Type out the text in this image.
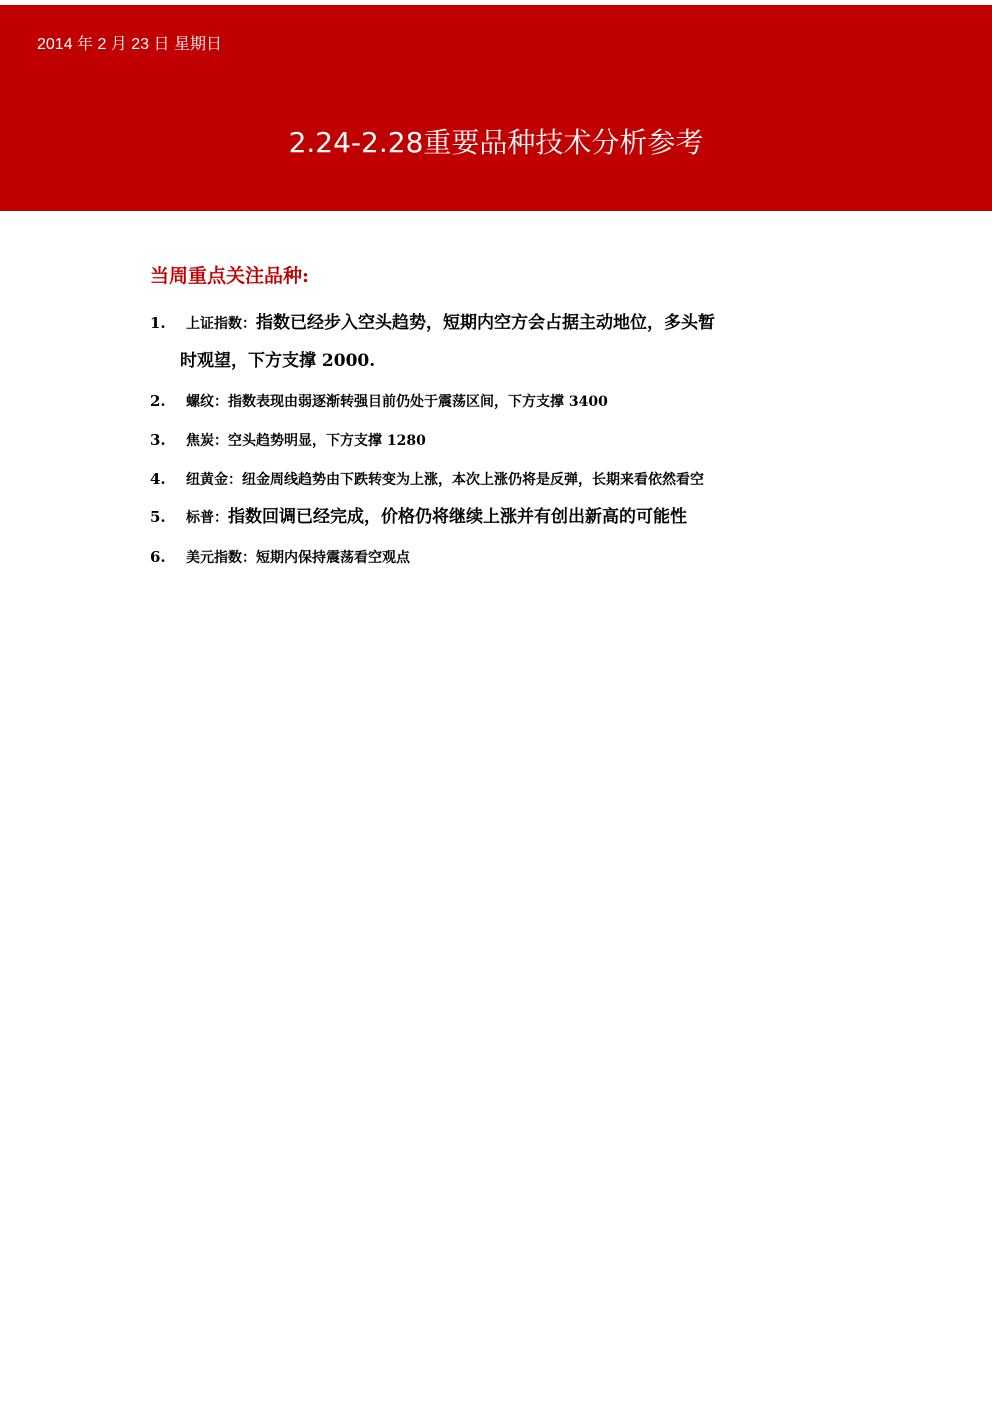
2014 年 2 月 23 日 星期日
2.24-2.28重要品种技术分析参考
当周重点关注品种:
1. 上证指数：指数已经步入空头趋势，短期内空方会占据主动地位，多头暂
时观望，下方支撑 2000.
2. 螺纹：指数表现由弱逐渐转强目前仍处于震荡区间，下方支撑 3400
3. 焦炭：空头趋势明显，下方支撑 1280
4. 纽黄金：纽金周线趋势由下跌转变为上涨，本次上涨仍将是反弹，长期来看依然看空
5. 标普：指数回调已经完成，价格仍将继续上涨并有创出新高的可能性
6. 美元指数：短期内保持震荡看空观点
